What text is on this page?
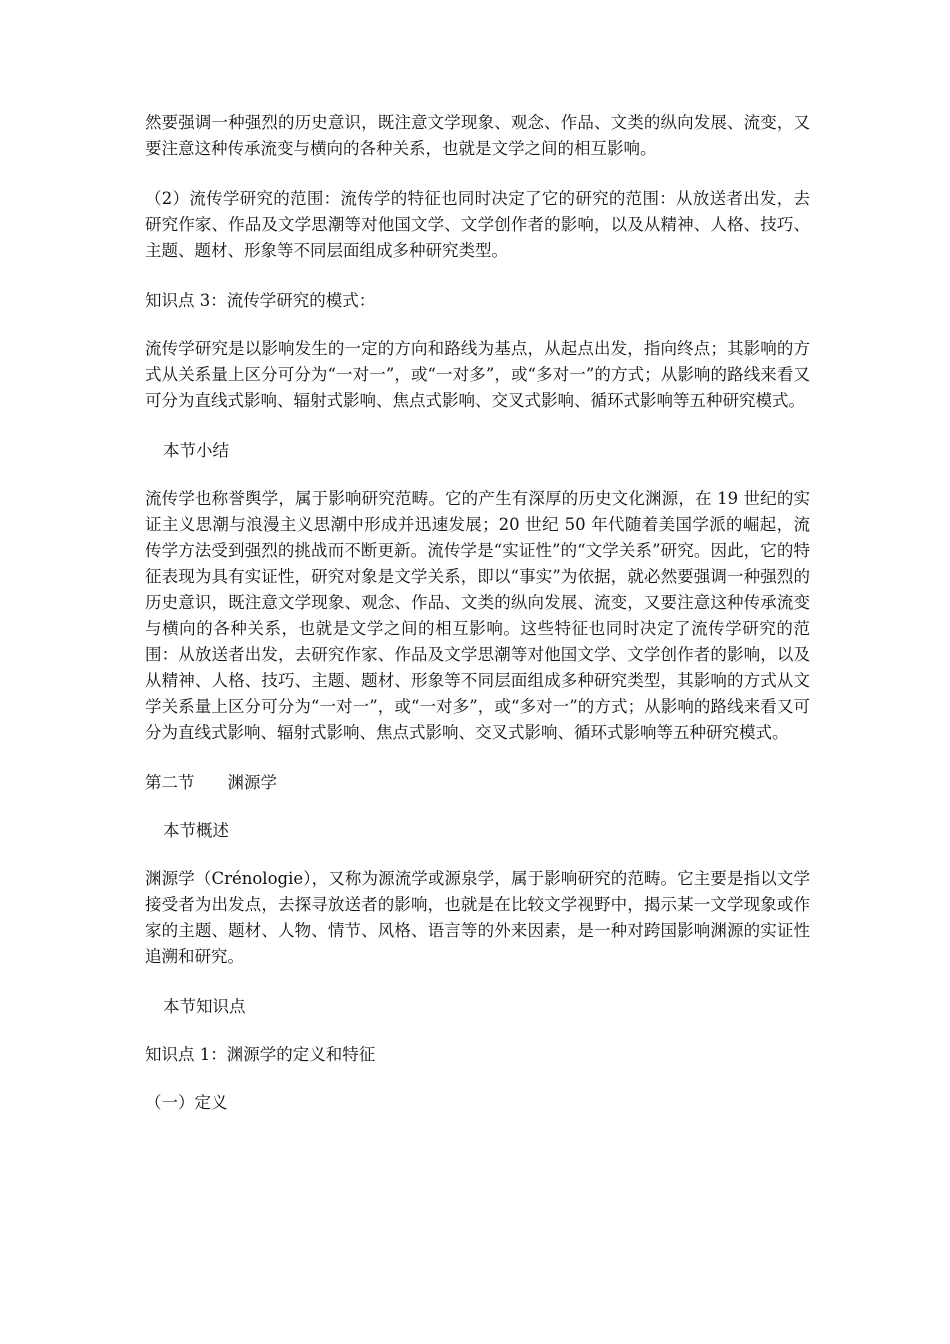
然要强调一种强烈的历史意识，既注意文学现象、观念、作品、文类的纵向发展、流变，又要注意这种传承流变与横向的各种关系，也就是文学之间的相互影响。

（2）流传学研究的范围：流传学的特征也同时决定了它的研究的范围：从放送者出发，去研究作家、作品及文学思潮等对他国文学、文学创作者的影响，以及从精神、人格、技巧、主题、题材、形象等不同层面组成多种研究类型。

知识点 3：流传学研究的模式：

流传学研究是以影响发生的一定的方向和路线为基点，从起点出发，指向终点；其影响的方式从关系量上区分可分为“一对一”，或“一对多”，或“多对一”的方式；从影响的路线来看又可分为直线式影响、辐射式影响、焦点式影响、交叉式影响、循环式影响等五种研究模式。

本节小结

流传学也称誉舆学，属于影响研究范畴。它的产生有深厚的历史文化渊源，在 19 世纪的实证主义思潮与浪漫主义思潮中形成并迅速发展；20 世纪 50 年代随着美国学派的崛起，流传学方法受到强烈的挑战而不断更新。流传学是“实证性”的“文学关系”研究。因此，它的特征表现为具有实证性，研究对象是文学关系，即以“事实”为依据，就必然要强调一种强烈的历史意识，既注意文学现象、观念、作品、文类的纵向发展、流变，又要注意这种传承流变与横向的各种关系，也就是文学之间的相互影响。这些特征也同时决定了流传学研究的范围：从放送者出发，去研究作家、作品及文学思潮等对他国文学、文学创作者的影响，以及从精神、人格、技巧、主题、题材、形象等不同层面组成多种研究类型，其影响的方式从文学关系量上区分可分为“一对一”，或“一对多”，或“多对一”的方式；从影响的路线来看又可分为直线式影响、辐射式影响、焦点式影响、交叉式影响、循环式影响等五种研究模式。

第二节　　渊源学

本节概述

渊源学（Crénologie），又称为源流学或源泉学，属于影响研究的范畴。它主要是指以文学接受者为出发点，去探寻放送者的影响，也就是在比较文学视野中，揭示某一文学现象或作家的主题、题材、人物、情节、风格、语言等的外来因素，是一种对跨国影响渊源的实证性追溯和研究。

本节知识点

知识点 1：渊源学的定义和特征

（一）定义
